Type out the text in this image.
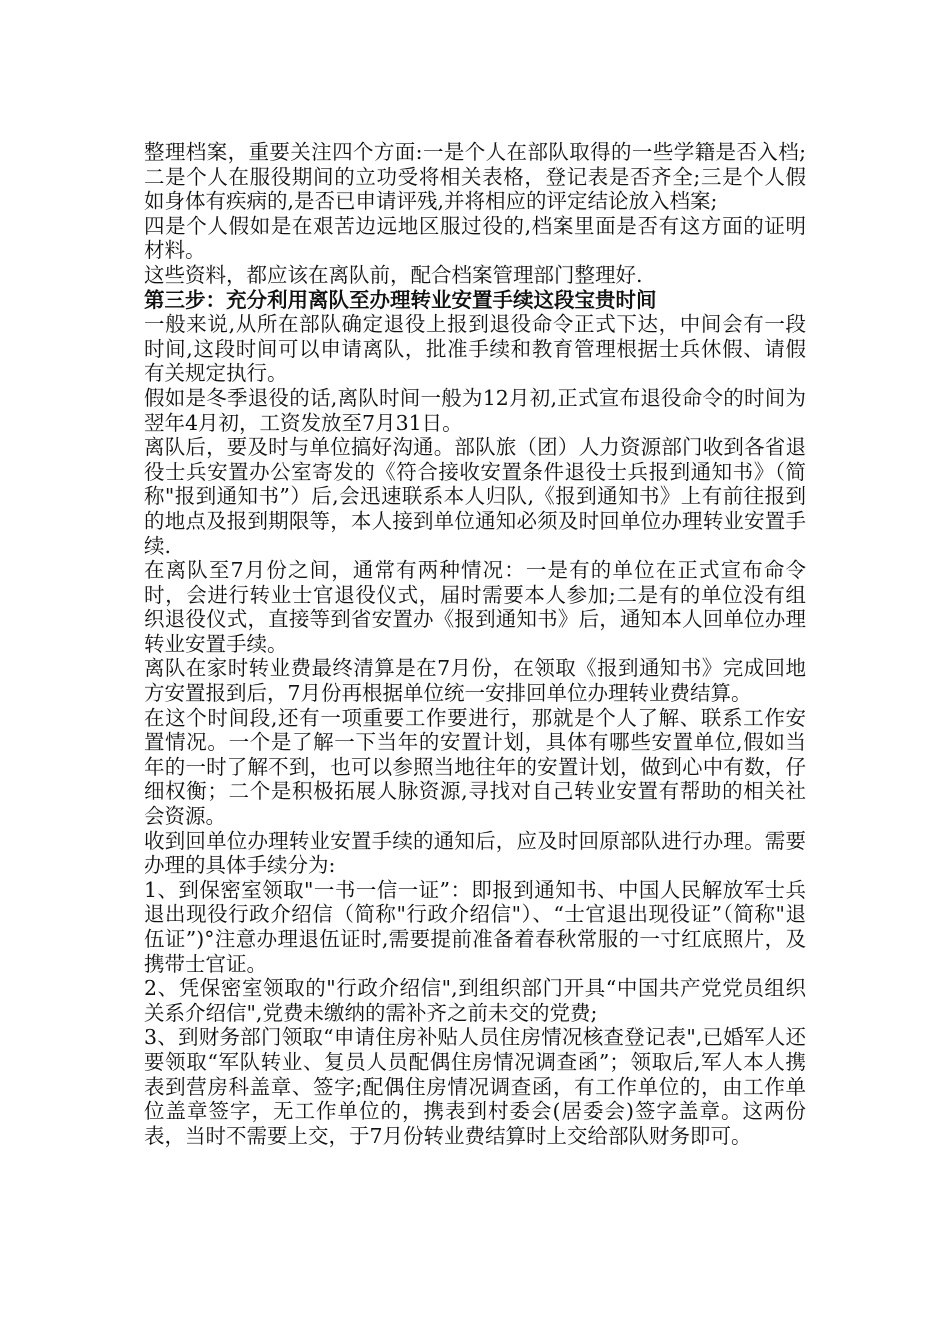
整理档案，重要关注四个方面:一是个人在部队取得的一些学籍是否入档;二是个人在服役期间的立功受将相关表格，登记表是否齐全;三是个人假如身体有疾病的,是否已申请评残,并将相应的评定结论放入档案;

四是个人假如是在艰苦边远地区服过役的,档案里面是否有这方面的证明材料。

这些资料，都应该在离队前，配合档案管理部门整理好.

第三步：充分利用离队至办理转业安置手续这段宝贵时间

一般来说,从所在部队确定退役上报到退役命令正式下达，中间会有一段时间,这段时间可以申请离队，批准手续和教育管理根据士兵休假、请假有关规定执行。

假如是冬季退役的话,离队时间一般为12月初,正式宣布退役命令的时间为翌年4月初，工资发放至7月31日。

离队后，要及时与单位搞好沟通。部队旅（团）人力资源部门收到各省退役士兵安置办公室寄发的《符合接收安置条件退役士兵报到通知书》（简称"报到通知书”）后,会迅速联系本人归队,《报到通知书》上有前往报到的地点及报到期限等，本人接到单位通知必须及时回单位办理转业安置手续.

在离队至7月份之间，通常有两种情况：一是有的单位在正式宣布命令时，会进行转业士官退役仪式，届时需要本人参加;二是有的单位没有组织退役仪式，直接等到省安置办《报到通知书》后，通知本人回单位办理转业安置手续。

离队在家时转业费最终清算是在7月份，在领取《报到通知书》完成回地方安置报到后，7月份再根据单位统一安排回单位办理转业费结算。

在这个时间段,还有一项重要工作要进行，那就是个人了解、联系工作安置情况。一个是了解一下当年的安置计划，具体有哪些安置单位,假如当年的一时了解不到，也可以参照当地往年的安置计划，做到心中有数，仔细权衡；二个是积极拓展人脉资源,寻找对自己转业安置有帮助的相关社会资源。

收到回单位办理转业安置手续的通知后，应及时回原部队进行办理。需要办理的具体手续分为:

1、到保密室领取"一书一信一证”：即报到通知书、中国人民解放军士兵退出现役行政介绍信（简称"行政介绍信"）、“士官退出现役证”（简称"退伍证”)°注意办理退伍证时,需要提前准备着春秋常服的一寸红底照片，及携带士官证。

2、凭保密室领取的"行政介绍信",到组织部门开具“中国共产党党员组织关系介绍信",党费未缴纳的需补齐之前未交的党费;

3、到财务部门领取“申请住房补贴人员住房情况核查登记表",已婚军人还要领取“军队转业、复员人员配偶住房情况调查函”；领取后,军人本人携表到营房科盖章、签字;配偶住房情况调查函，有工作单位的，由工作单位盖章签字，无工作单位的，携表到村委会(居委会)签字盖章。这两份表，当时不需要上交，于7月份转业费结算时上交给部队财务即可。
